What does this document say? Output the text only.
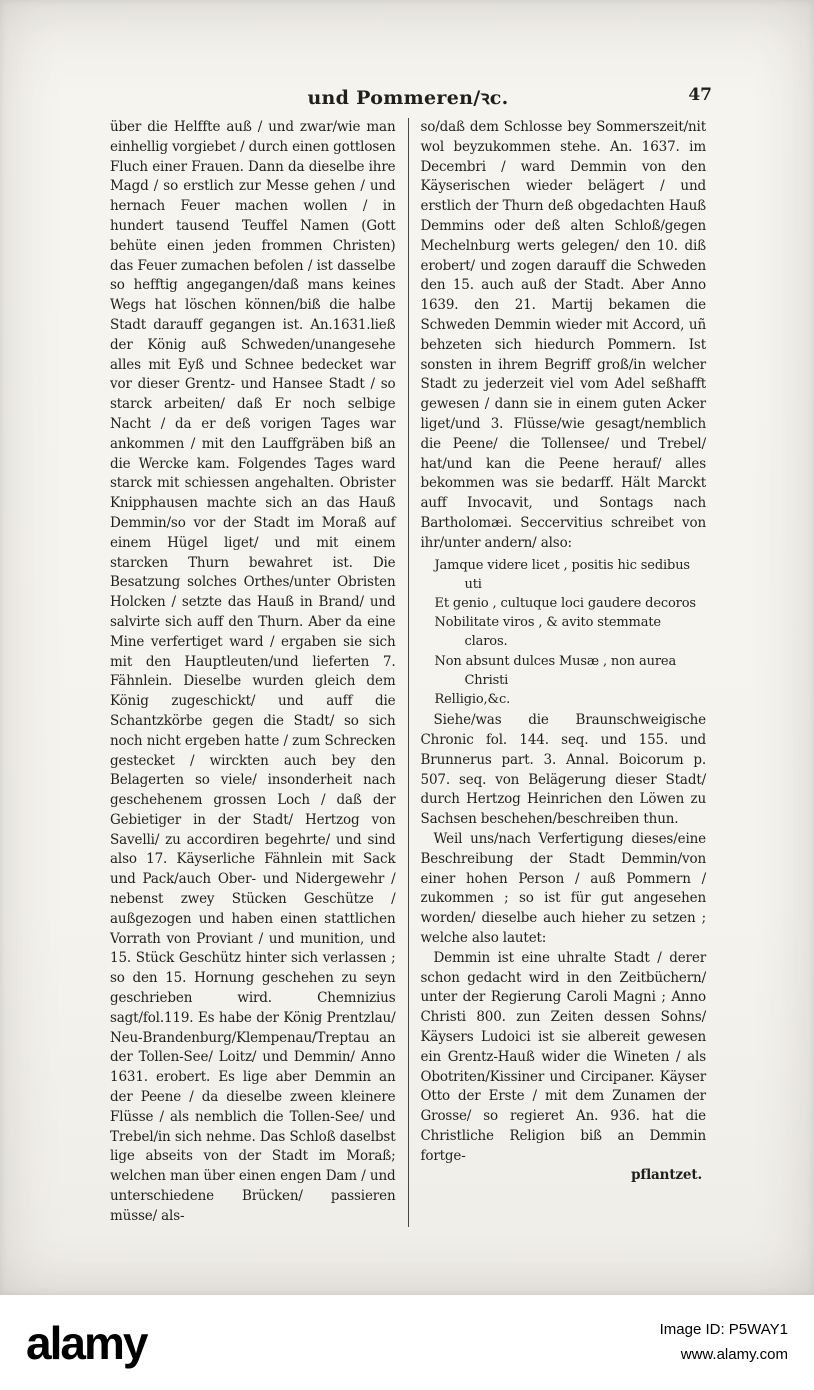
und Pommeren/ꝛc.	47

über die Helffte auß / und zwar/wie man einhellig vorgiebet / durch einen gottlosen Fluch einer Frauen. Dann da dieselbe ihre Magd / so erstlich zur Messe gehen / und hernach Feuer machen wollen / in hundert tausend Teuffel Namen (Gott behüte einen jeden frommen Christen) das Feuer zumachen befolen / ist dasselbe so hefftig angegangen/daß mans keines Wegs hat löschen können/biß die halbe Stadt darauff gegangen ist. An.1631.ließ der König auß Schweden/unangesehe alles mit Eyß und Schnee bedecket war vor dieser Grentz- und Hansee Stadt / so starck arbeiten/ daß Er noch selbige Nacht / da er deß vorigen Tages war ankommen / mit den Lauffgräben biß an die Wercke kam. Folgendes Tages ward starck mit schiessen angehalten. Obrister Knipphausen machte sich an das Hauß Demmin/so vor der Stadt im Moraß auf einem Hügel liget/ und mit einem starcken Thurn bewahret ist. Die Besatzung solches Orthes/unter Obristen Holcken / setzte das Hauß in Brand/ und salvirte sich auff den Thurn. Aber da eine Mine verfertiget ward / ergaben sie sich mit den Hauptleuten/und lieferten 7. Fähnlein. Dieselbe wurden gleich dem König zugeschickt/ und auff die Schantzkörbe gegen die Stadt/ so sich noch nicht ergeben hatte / zum Schrecken gestecket / wirckten auch bey den Belagerten so viele/ insonderheit nach geschehenem grossen Loch / daß der Gebietiger in der Stadt/ Hertzog von Savelli/ zu accordiren begehrte/ und sind also 17. Käyserliche Fähnlein mit Sack und Pack/auch Ober- und Nidergewehr / nebenst zwey Stücken Geschütze / außgezogen und haben einen stattlichen Vorrath von Proviant / und munition, und 15. Stück Geschütz hinter sich verlassen ; so den 15. Hornung geschehen zu seyn geschrieben wird. Chemnizius sagt/fol.119. Es habe der König Prentzlau/ Neu-Brandenburg/Klempenau/Treptau an der Tollen-See/ Loitz/ und Demmin/ Anno 1631. erobert. Es lige aber Demmin an der Peene / da dieselbe zween kleinere Flüsse / als nemblich die Tollen-See/ und Trebel/in sich nehme. Das Schloß daselbst lige abseits von der Stadt im Moraß; welchen man über einen engen Dam / und unterschiedene Brücken/ passieren müsse/ als-

so/daß dem Schlosse bey Sommerszeit/nit wol beyzukommen stehe. An. 1637. im Decembri / ward Demmin von den Käyserischen wieder belägert / und erstlich der Thurn deß obgedachten Hauß Demmins oder deß alten Schloß/gegen Mechelnburg werts gelegen/ den 10. diß erobert/ und zogen darauff die Schweden den 15. auch auß der Stadt. Aber Anno 1639. den 21. Martij bekamen die Schweden Demmin wieder mit Accord, uñ behzeten sich hiedurch Pommern. Ist sonsten in ihrem Begriff groß/in welcher Stadt zu jederzeit viel vom Adel seßhafft gewesen / dann sie in einem guten Acker liget/und 3. Flüsse/wie gesagt/nemblich die Peene/ die Tollensee/ und Trebel/ hat/und kan die Peene herauf/ alles bekommen was sie bedarff. Hält Marckt auff Invocavit, und Sontags nach Bartholomæi. Seccervitius schreibet von ihr/unter andern/ also:

Jamque videre licet , positis hic sedibus uti
Et genio , cultuque loci gaudere decoros
Nobilitate viros , & avito stemmate claros.
Non absunt dulces Musæ , non aurea Christi
Relligio,&c.

Siehe/was die Braunschweigische Chronic fol. 144. seq. und 155. und Brunnerus part. 3. Annal. Boicorum p. 507. seq. von Belägerung dieser Stadt/ durch Hertzog Heinrichen den Löwen zu Sachsen beschehen/beschreiben thun.

Weil uns/nach Verfertigung dieses/eine Beschreibung der Stadt Demmin/von einer hohen Person / auß Pommern / zukommen ; so ist für gut angesehen worden/ dieselbe auch hieher zu setzen ; welche also lautet:

Demmin ist eine uhralte Stadt / derer schon gedacht wird in den Zeitbüchern/ unter der Regierung Caroli Magni ; Anno Christi 800. zun Zeiten dessen Sohns/ Käysers Ludoici ist sie albereit gewesen ein Grentz-Hauß wider die Wineten / als Obotriten/Kissiner und Circipaner. Käyser Otto der Erste / mit dem Zunamen der Grosse/ so regieret An. 936. hat die Christliche Religion biß an Demmin fortge-

pflantzet.
alamy	Image ID: P5WAY1
www.alamy.com
